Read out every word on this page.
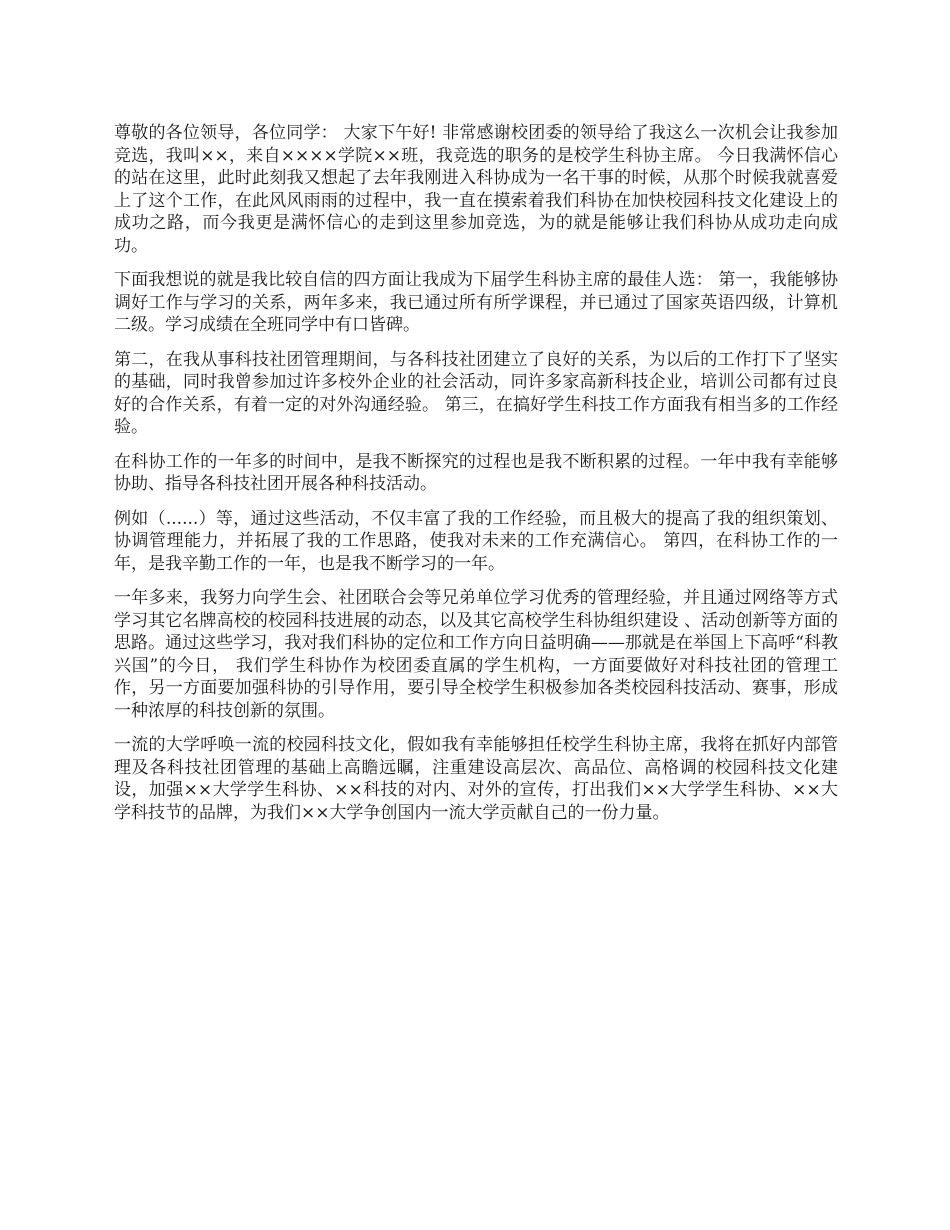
尊敬的各位领导，各位同学： 大家下午好! 非常感谢校团委的领导给了我这么一次机会让我参加竞选，我叫××，来自××××学院××班，我竞选的职务的是校学生科协主席。 今日我满怀信心的站在这里，此时此刻我又想起了去年我刚进入科协成为一名干事的时候，从那个时候我就喜爱上了这个工作，在此风风雨雨的过程中，我一直在摸索着我们科协在加快校园科技文化建设上的成功之路，而今我更是满怀信心的走到这里参加竞选，为的就是能够让我们科协从成功走向成功。

下面我想说的就是我比较自信的四方面让我成为下届学生科协主席的最佳人选： 第一，我能够协调好工作与学习的关系，两年多来，我已通过所有所学课程，并已通过了国家英语四级，计算机二级。学习成绩在全班同学中有口皆碑。

第二，在我从事科技社团管理期间，与各科技社团建立了良好的关系，为以后的工作打下了坚实的基础，同时我曾参加过许多校外企业的社会活动，同许多家高新科技企业，培训公司都有过良好的合作关系，有着一定的对外沟通经验。 第三，在搞好学生科技工作方面我有相当多的工作经验。

在科协工作的一年多的时间中，是我不断探究的过程也是我不断积累的过程。一年中我有幸能够协助、指导各科技社团开展各种科技活动。

例如（......）等，通过这些活动，不仅丰富了我的工作经验，而且极大的提高了我的组织策划、协调管理能力，并拓展了我的工作思路，使我对未来的工作充满信心。 第四，在科协工作的一年，是我辛勤工作的一年，也是我不断学习的一年。

一年多来，我努力向学生会、社团联合会等兄弟单位学习优秀的管理经验，并且通过网络等方式学习其它名牌高校的校园科技进展的动态，以及其它高校学生科协组织建设 、活动创新等方面的思路。通过这些学习，我对我们科协的定位和工作方向日益明确——那就是在举国上下高呼“科教兴国”的今日， 我们学生科协作为校团委直属的学生机构，一方面要做好对科技社团的管理工作，另一方面要加强科协的引导作用，要引导全校学生积极参加各类校园科技活动、赛事，形成一种浓厚的科技创新的氛围。

一流的大学呼唤一流的校园科技文化，假如我有幸能够担任校学生科协主席，我将在抓好内部管理及各科技社团管理的基础上高瞻远瞩，注重建设高层次、高品位、高格调的校园科技文化建设，加强××大学学生科协、××科技的对内、对外的宣传，打出我们××大学学生科协、××大学科技节的品牌，为我们××大学争创国内一流大学贡献自己的一份力量。
